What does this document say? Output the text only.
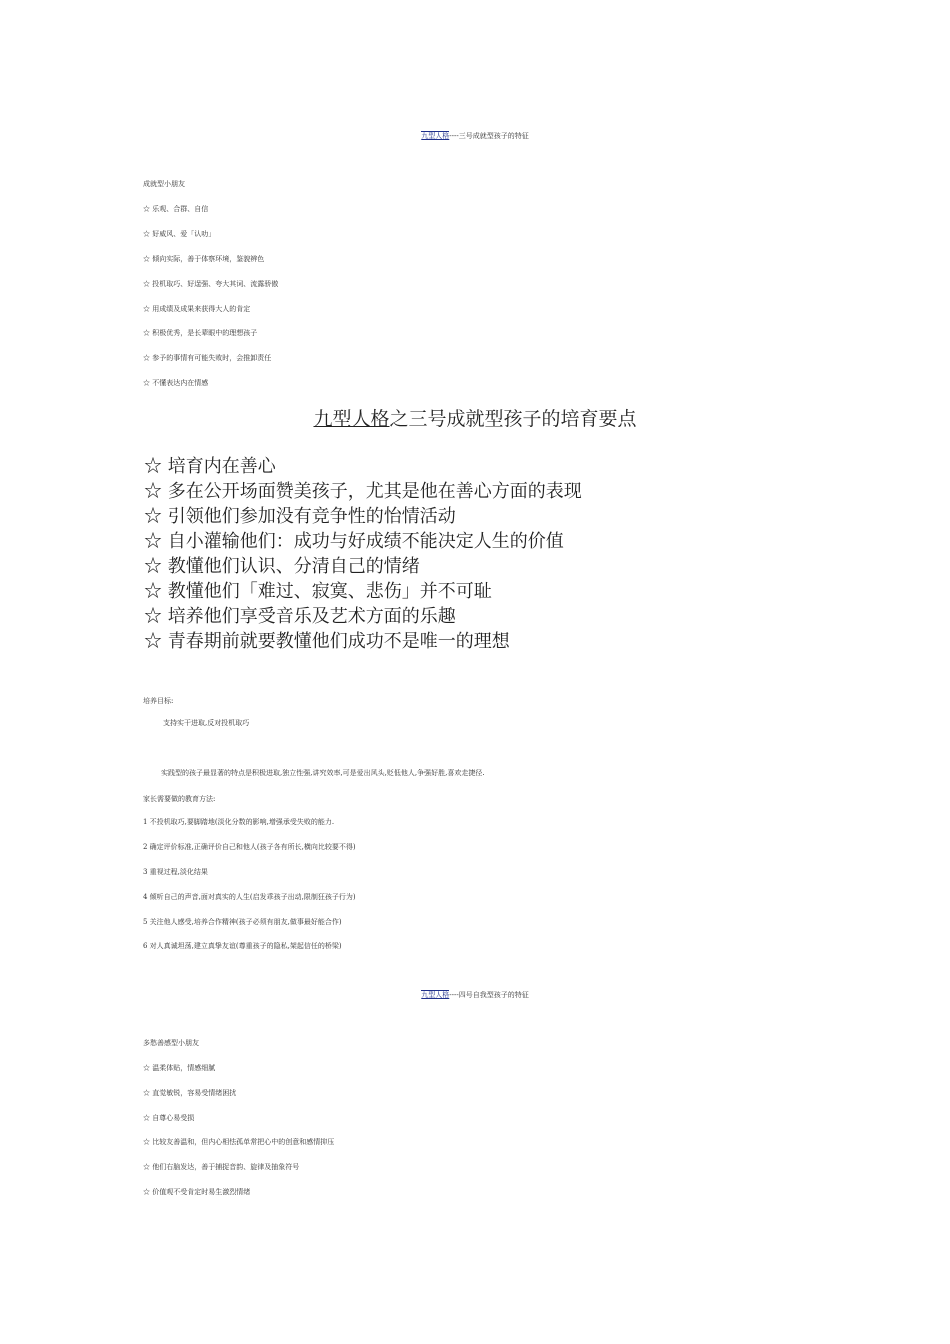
九型人格----三号成就型孩子的特征
成就型小朋友
☆ 乐观、合群、自信
☆ 好威风、爱「认叻」
☆ 倾向实际，善于体察环境，鉴貌辨色
☆ 投机取巧、好逞强、夸大其词、流露骄傲
☆ 用成绩及成果来获得大人的肯定
☆ 积极优秀，是长辈眼中的理想孩子
☆ 参予的事情有可能失败时，会推卸责任
☆ 不懂表达内在情感
九型人格之三号成就型孩子的培育要点
☆ 培育内在善心
☆ 多在公开场面赞美孩子，尤其是他在善心方面的表现
☆ 引领他们参加没有竞争性的怡情活动
☆ 自小灌输他们：成功与好成绩不能决定人生的价值
☆ 教懂他们认识、分清自己的情绪
☆ 教懂他们「难过、寂寞、悲伤」并不可耻
☆ 培养他们享受音乐及艺术方面的乐趣
☆ 青春期前就要教懂他们成功不是唯一的理想
培养目标:
支持实干进取,反对投机取巧
实践型的孩子最显著的特点是积极进取,独立性强,讲究效率,可是爱出风头,贬低他人,争强好胜,喜欢走捷径.
家长需要做的教育方法:
1 不投机取巧,要脚踏地(淡化分数的影响,增强承受失败的能力.
2 确定评价标准,正确评价自己和他人(孩子各有所长,横向比较要不得)
3 重视过程,淡化结果
4 倾听自己的声音,面对真实的人生(启发乖孩子出动,限制狂孩子行为)
5 关注他人感受,培养合作精神(孩子必须有朋友,做事最好能合作)
6 对人真诚坦荡,建立真挚友谊(尊重孩子的隐私,架起信任的桥梁)
九型人格----四号自我型孩子的特征
多愁善感型小朋友
☆ 温柔体贴，情感细腻
☆ 直觉敏锐，容易受情绪困扰
☆ 自尊心易受损
☆ 比较友善温和，但内心相怯孤单常把心中的创意和感情抑压
☆ 他们右脑发达，善于捕捉音韵、旋律及抽象符号
☆ 价值观不受肯定时易生激烈情绪
